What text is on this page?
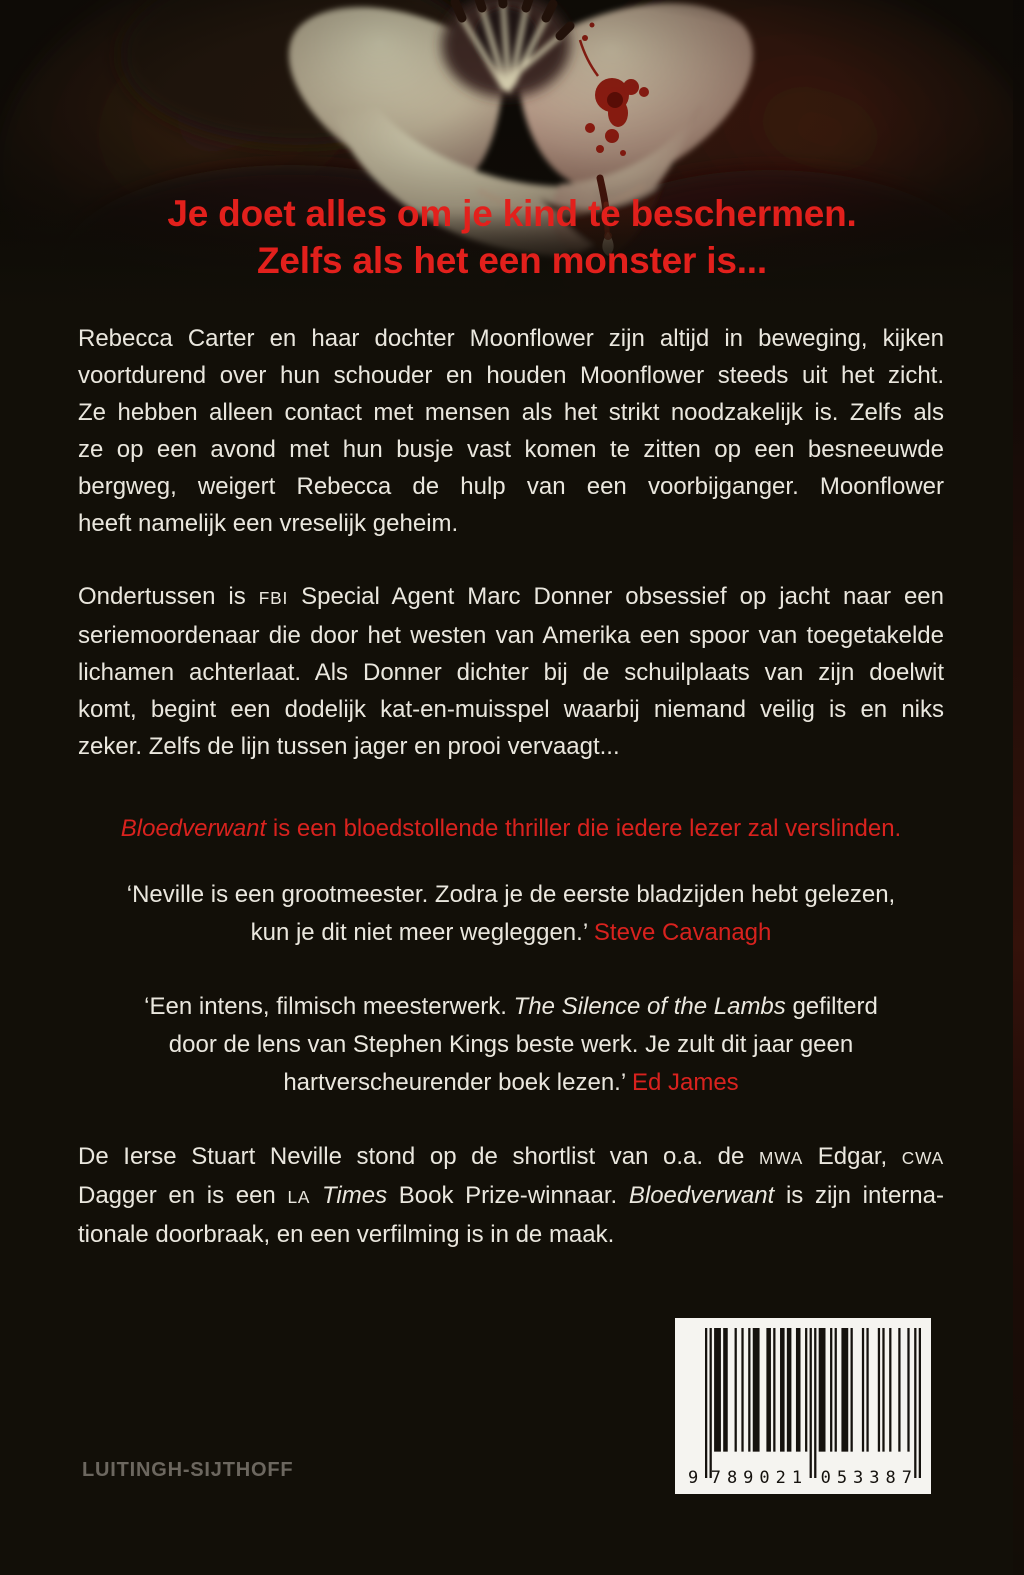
Je doet alles om je kind te beschermen.
Zelfs als het een monster is...
Rebecca Carter en haar dochter Moonflower zijn altijd in beweging, kijken
voortdurend over hun schouder en houden Moonflower steeds uit het zicht.
Ze hebben alleen contact met mensen als het strikt noodzakelijk is. Zelfs als
ze op een avond met hun busje vast komen te zitten op een besneeuwde
bergweg, weigert Rebecca de hulp van een voorbijganger. Moonflower
heeft namelijk een vreselijk geheim.
Ondertussen is FBI Special Agent Marc Donner obsessief op jacht naar een
seriemoordenaar die door het westen van Amerika een spoor van toegetakelde
lichamen achterlaat. Als Donner dichter bij de schuilplaats van zijn doelwit
komt, begint een dodelijk kat-en-muisspel waarbij niemand veilig is en niks
zeker. Zelfs de lijn tussen jager en prooi vervaagt...
Bloedverwant is een bloedstollende thriller die iedere lezer zal verslinden.
‘Neville is een grootmeester. Zodra je de eerste bladzijden hebt gelezen,
kun je dit niet meer wegleggen.’ Steve Cavanagh
‘Een intens, filmisch meesterwerk. The Silence of the Lambs gefilterd
door de lens van Stephen Kings beste werk. Je zult dit jaar geen
hartverscheurender boek lezen.’ Ed James
De Ierse Stuart Neville stond op de shortlist van o.a. de MWA Edgar, CWA
Dagger en is een LA Times Book Prize-winnaar. Bloedverwant is zijn interna-
tionale doorbraak, en een verfilming is in de maak.
9 789021 053387
LUITINGH-SIJTHOFF
